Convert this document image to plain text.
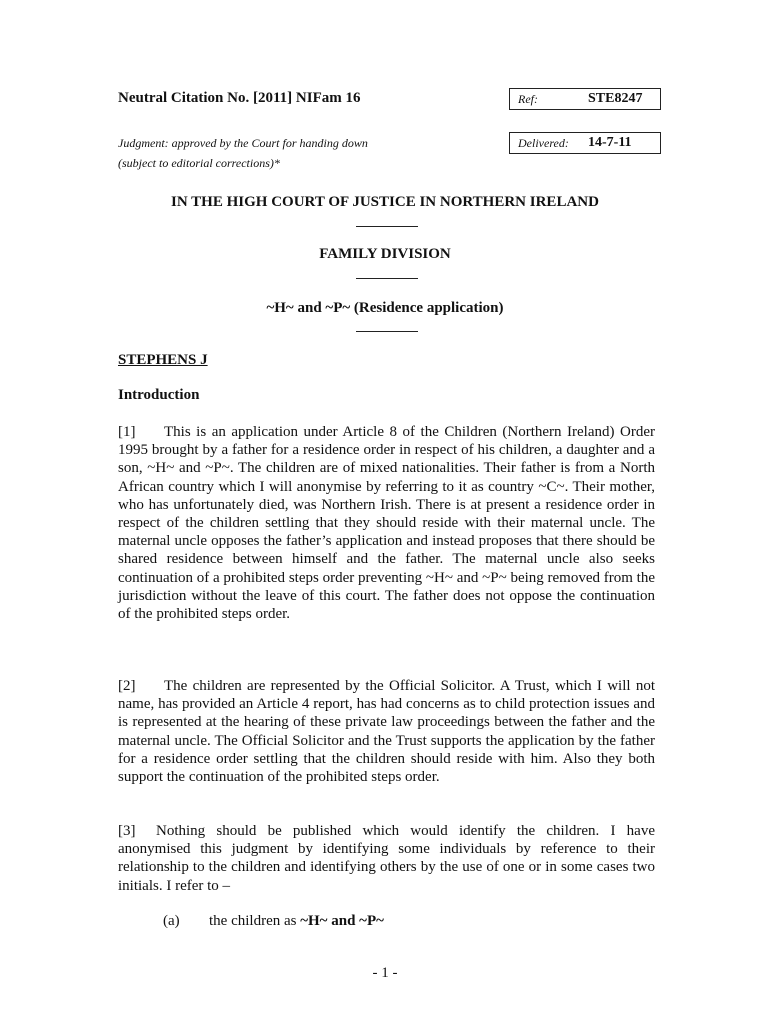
Neutral Citation No. [2011] NIFam 16	Ref:	STE8247
Judgment: approved by the Court for handing down
(subject to editorial corrections)*
Delivered: 14-7-11
IN THE HIGH COURT OF JUSTICE IN NORTHERN IRELAND
FAMILY DIVISION
~H~ and ~P~ (Residence application)
STEPHENS J
Introduction
[1] This is an application under Article 8 of the Children (Northern Ireland) Order 1995 brought by a father for a residence order in respect of his children, a daughter and a son, ~H~ and ~P~. The children are of mixed nationalities. Their father is from a North African country which I will anonymise by referring to it as country ~C~. Their mother, who has unfortunately died, was Northern Irish. There is at present a residence order in respect of the children settling that they should reside with their maternal uncle. The maternal uncle opposes the father’s application and instead proposes that there should be shared residence between himself and the father. The maternal uncle also seeks continuation of a prohibited steps order preventing ~H~ and ~P~ being removed from the jurisdiction without the leave of this court. The father does not oppose the continuation of the prohibited steps order.
[2] The children are represented by the Official Solicitor. A Trust, which I will not name, has provided an Article 4 report, has had concerns as to child protection issues and is represented at the hearing of these private law proceedings between the father and the maternal uncle. The Official Solicitor and the Trust supports the application by the father for a residence order settling that the children should reside with him. Also they both support the continuation of the prohibited steps order.
[3] Nothing should be published which would identify the children. I have anonymised this judgment by identifying some individuals by reference to their relationship to the children and identifying others by the use of one or in some cases two initials. I refer to –
(a) the children as ~H~ and ~P~
- 1 -
